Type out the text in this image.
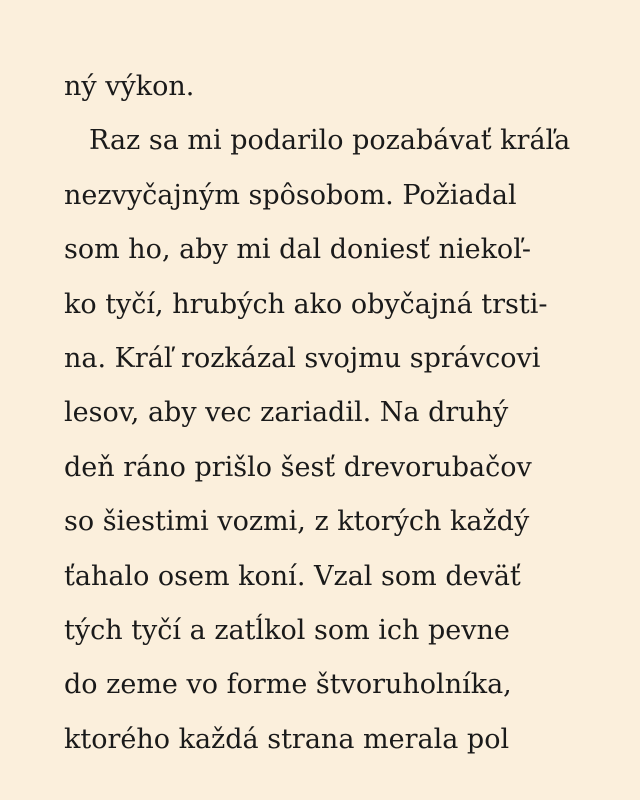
ný výkon.
Raz sa mi podarilo pozabávať kráľa
nezvyčajným spôsobom. Požiadal
som ho, aby mi dal doniesť niekoľ-
ko tyčí, hrubých ako obyčajná trsti-
na. Kráľ rozkázal svojmu správcovi
lesov, aby vec zariadil. Na druhý
deň ráno prišlo šesť drevorubačov
so šiestimi vozmi, z ktorých každý
ťahalo osem koní. Vzal som deväť
tých tyčí a zatĺkol som ich pevne
do zeme vo forme štvoruholníka,
ktorého každá strana merala pol
